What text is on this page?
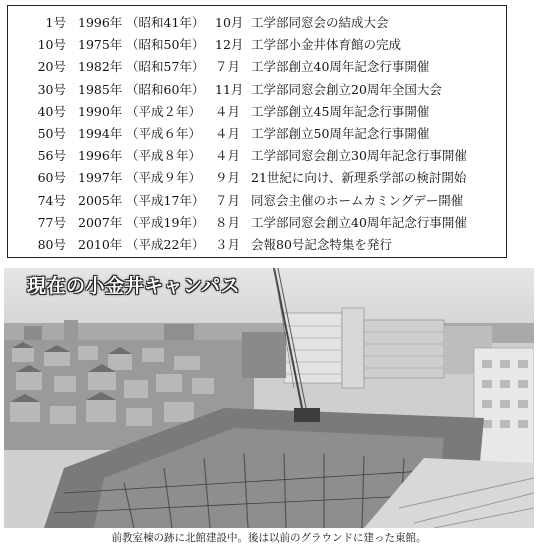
1号 1996年 （昭和41年） 10月 工学部同窓会の結成大会
10号 1975年 （昭和50年） 12月 工学部小金井体育館の完成
20号 1982年 （昭和57年） ７月 工学部創立40周年記念行事開催
30号 1985年 （昭和60年） 11月 工学部同窓会創立20周年全国大会
40号 1990年 （平成２年） ４月 工学部創立45周年記念行事開催
50号 1994年 （平成６年） ４月 工学部創立50周年記念行事開催
56号 1996年 （平成８年） ４月 工学部同窓会創立30周年記念行事開催
60号 1997年 （平成９年） ９月 21世紀に向け、新理系学部の検討開始
74号 2005年 （平成17年） ７月 同窓会主催のホームカミングデー開催
77号 2007年 （平成19年） ８月 工学部同窓会創立40周年記念行事開催
80号 2010年 （平成22年） ３月 会報80号記念特集を発行
現在の小金井キャンパス
前教室棟の跡に北館建設中。後は以前のグラウンドに建った東館。
